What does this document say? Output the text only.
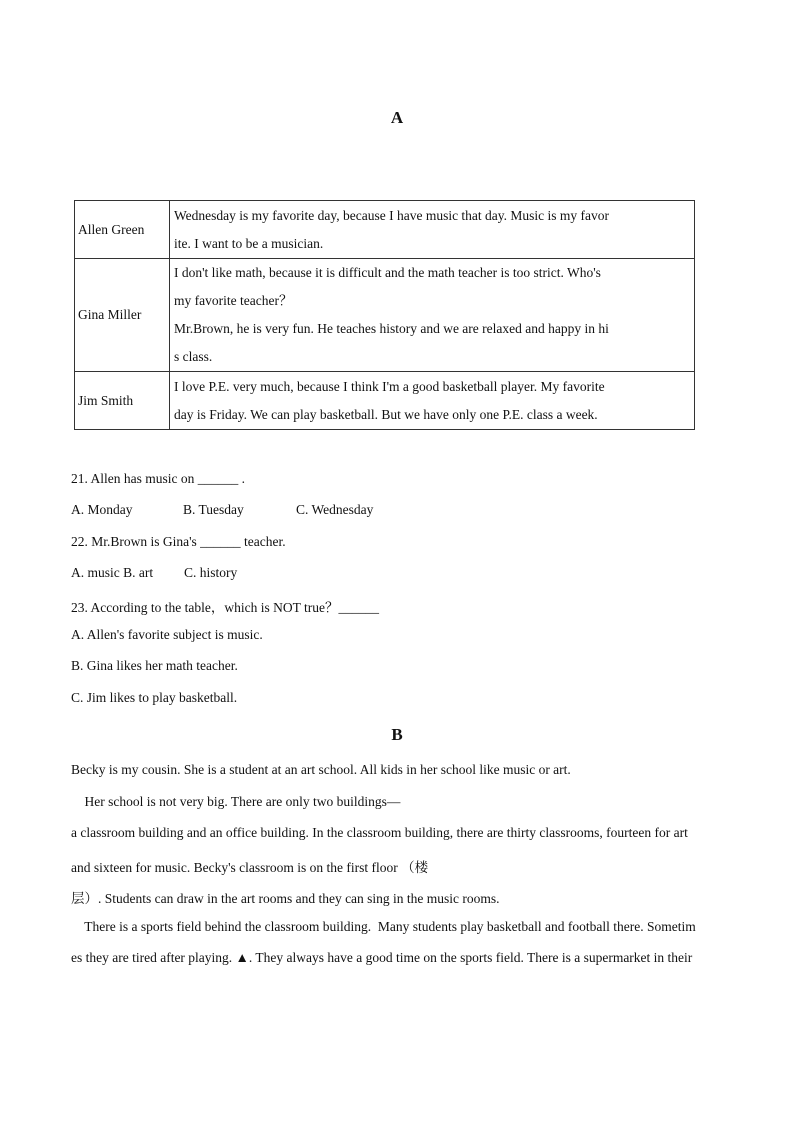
A
Allen Green	Wednesday is my favorite day, because I have music that day. Music is my favor
ite. I want to be a musician.

Gina Miller	I don't like math, because it is difficult and the math teacher is too strict. Who's
my favorite teacher？
Mr.Brown, he is very fun. He teaches history and we are relaxed and happy in hi
s class.

Jim Smith	I love P.E. very much, because I think I'm a good basketball player. My favorite
day is Friday. We can play basketball. But we have only one P.E. class a week.
21. Allen has music on ______ .
A. Monday	B. Tuesday	C. Wednesday
22. Mr.Brown is Gina's ______ teacher.
A. music B. art C. history
23. According to the table，which is NOT true？______
A. Allen's favorite subject is music.
B. Gina likes her math teacher.
C. Jim likes to play basketball.
B
Becky is my cousin. She is a student at an art school. All kids in her school like music or art.
Her school is not very big. There are only two buildings—
a classroom building and an office building. In the classroom building, there are thirty classrooms, fourteen for art
and sixteen for music. Becky's classroom is on the first floor （楼
层）. Students can draw in the art rooms and they can sing in the music rooms.
There is a sports field behind the classroom building.  Many students play basketball and football there. Sometim
es they are tired after playing. ▲. They always have a good time on the sports field. There is a supermarket in their
